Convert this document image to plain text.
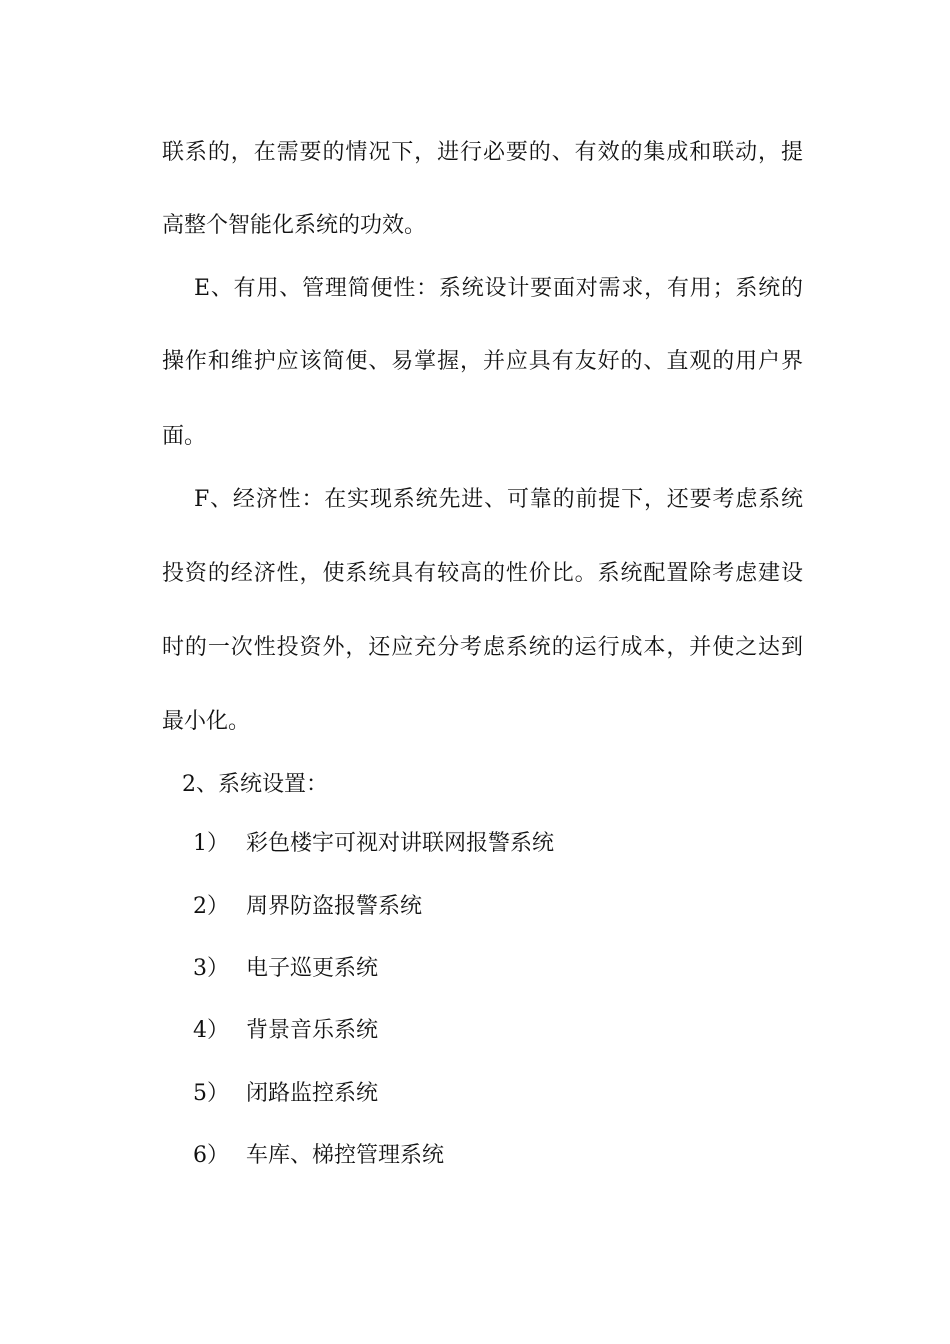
联系的，在需要的情况下，进行必要的、有效的集成和联动，提
高整个智能化系统的功效。
E、有用、管理简便性：系统设计要面对需求，有用；系统的
操作和维护应该简便、易掌握，并应具有友好的、直观的用户界
面。
F、经济性：在实现系统先进、可靠的前提下，还要考虑系统
投资的经济性，使系统具有较高的性价比。系统配置除考虑建设
时的一次性投资外，还应充分考虑系统的运行成本，并使之达到
最小化。
2、系统设置：
1） 彩色楼宇可视对讲联网报警系统
2） 周界防盗报警系统
3） 电子巡更系统
4） 背景音乐系统
5） 闭路监控系统
6） 车库、梯控管理系统
